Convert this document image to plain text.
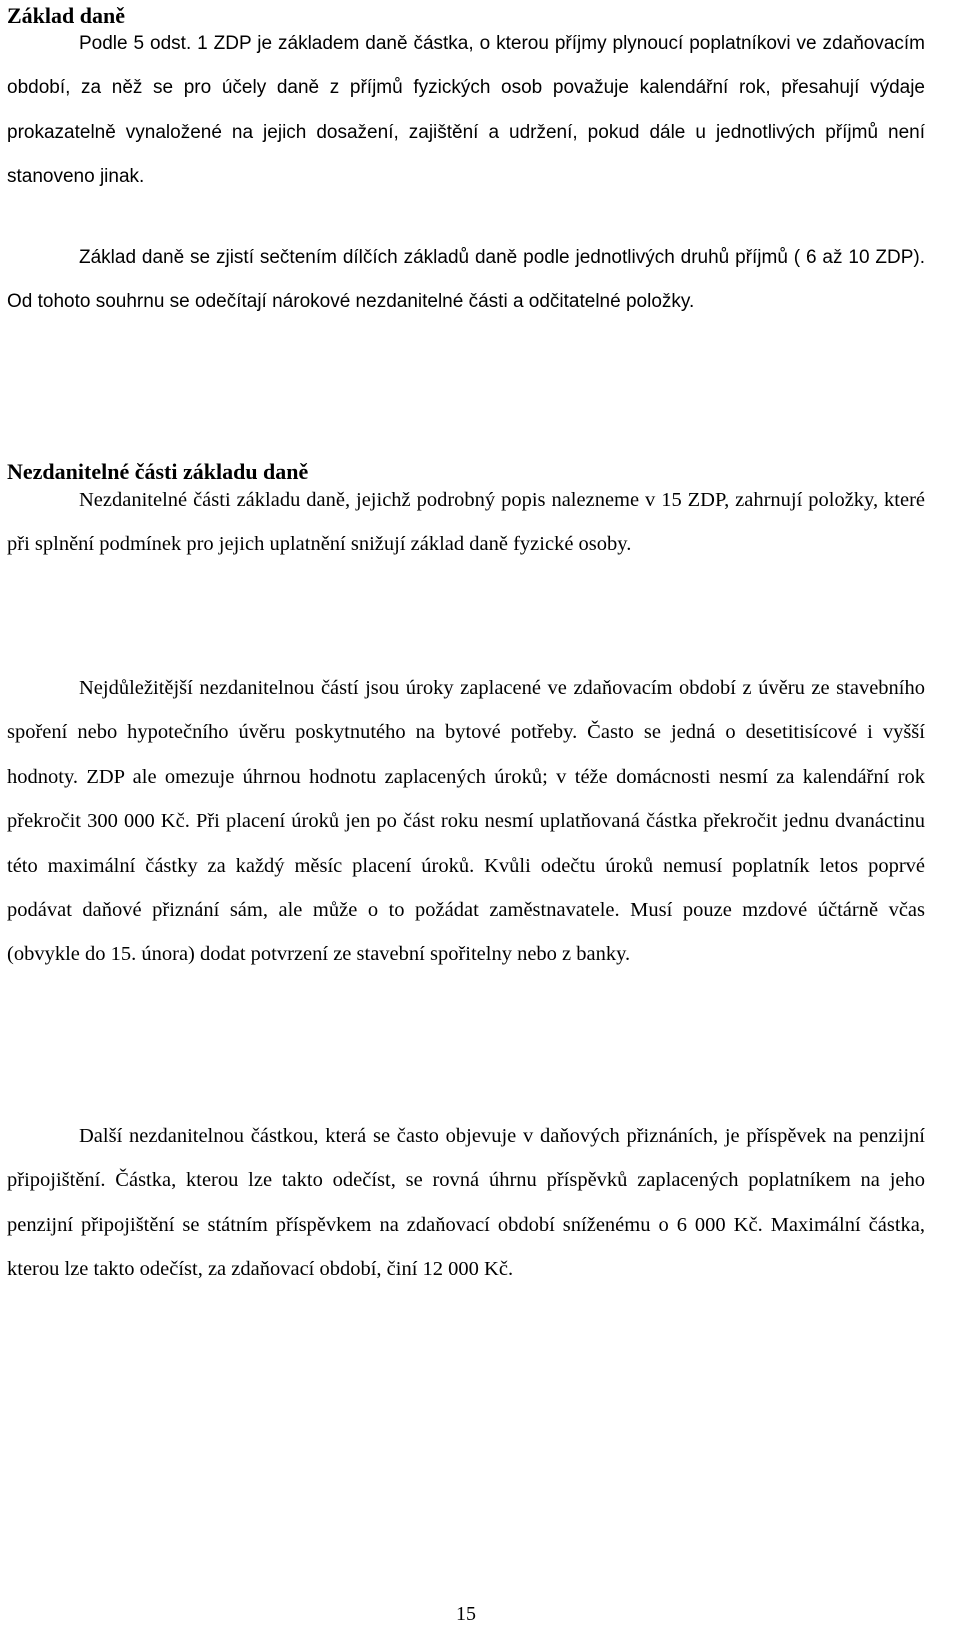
Základ daně

Podle 5 odst. 1 ZDP je základem daně částka, o kterou příjmy plynoucí poplatníkovi ve zdaňovacím období, za něž se pro účely daně z příjmů fyzických osob považuje kalendářní rok, přesahují výdaje prokazatelně vynaložené na jejich dosažení, zajištění a udržení, pokud dále u jednotlivých příjmů není stanoveno jinak.

Základ daně se zjistí sečtením dílčích základů daně podle jednotlivých druhů příjmů ( 6 až 10 ZDP). Od tohoto souhrnu se odečítají nárokové nezdanitelné části a odčitatelné položky.

Nezdanitelné části základu daně

Nezdanitelné části základu daně, jejichž podrobný popis nalezneme v 15 ZDP, zahrnují položky, které při splnění podmínek pro jejich uplatnění snižují základ daně fyzické osoby.

Nejdůležitější nezdanitelnou částí jsou úroky zaplacené ve zdaňovacím období z úvěru ze stavebního spoření nebo hypotečního úvěru poskytnutého na bytové potřeby. Často se jedná o desetitisícové i vyšší hodnoty. ZDP ale omezuje úhrnou hodnotu zaplacených úroků; v téže domácnosti nesmí za kalendářní rok překročit 300 000 Kč. Při placení úroků jen po část roku nesmí uplatňovaná částka překročit jednu dvanáctinu této maximální částky za každý měsíc placení úroků. Kvůli odečtu úroků nemusí poplatník letos poprvé podávat daňové přiznání sám, ale může o to požádat zaměstnavatele. Musí pouze mzdové účtárně včas (obvykle do 15. února) dodat potvrzení ze stavební spořitelny nebo z banky.

Další nezdanitelnou částkou, která se často objevuje v daňových přiznáních, je příspěvek na penzijní připojištění. Částka, kterou lze takto odečíst, se rovná úhrnu příspěvků zaplacených poplatníkem na jeho penzijní připojištění se státním příspěvkem na zdaňovací období sníženému o 6 000 Kč. Maximální částka, kterou lze takto odečíst, za zdaňovací období, činí 12 000 Kč.

15
